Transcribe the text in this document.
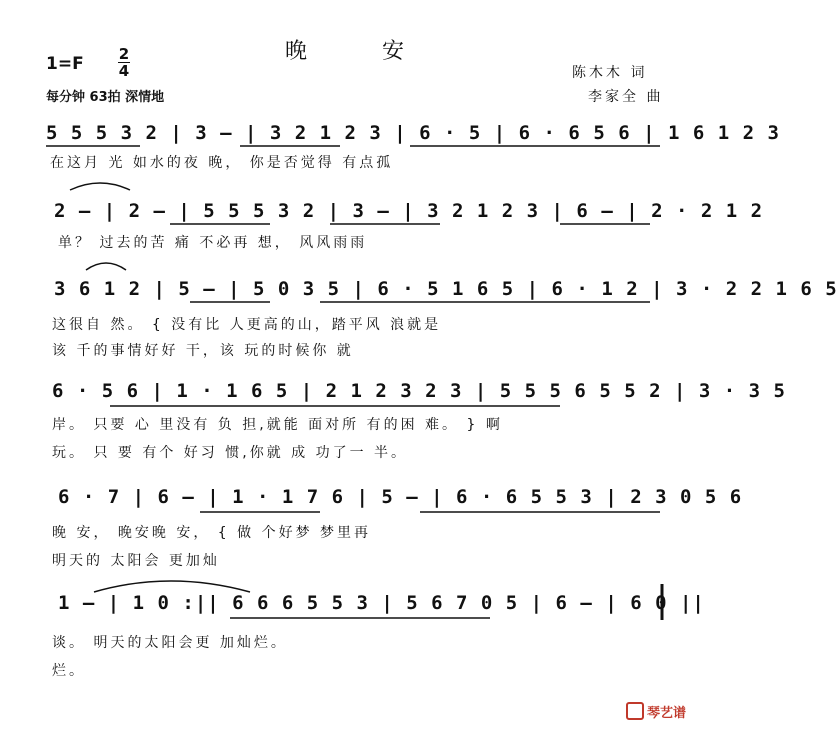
晚 安
1=F 2
4
每分钟 63拍 深情地
陈木木 词
李家全 曲
5 5 5 3 2 | 3 – | 3 2 1 2 3 | 6 · 5 | 6 · 6 5 6 | 1 6 1 2 3
在这月 光 如水的夜 晚， 你是否觉得 有点孤
2 – | 2 – | 5 5 5 3 2 | 3 – | 3 2 1 2 3 | 6 – | 2 · 2 1 2
单？ 过去的苦 痛 不必再 想， 风风雨雨
3 6 1 2 | 5 – | 5 0 3 5 | 6 · 5 1 6 5 | 6 · 1 2 | 3 · 2 2 1 6 5
这很自 然。 { 没有比 人更高的山，踏平风 浪就是
该 千的事情好好 干，该 玩的时候你 就
6 · 5 6 | 1 · 1 6 5 | 2 1 2 3 2 3 | 5 5 5 6 5 5 2 | 3 · 3 5
岸。 只要 心 里没有 负 担,就能 面对所 有的困 难。 } 啊
玩。 只 要 有个 好习 惯,你就 成 功了一 半。
6 · 7 | 6 – | 1 · 1 7 6 | 5 – | 6 · 6 5 5 3 | 2 3 0 5 6
晚 安， 晚安晚 安， { 做 个好梦 梦里再
明天的 太阳会 更加灿
1 – | 1 0 :|| 6 6 6 5 5 3 | 5 6 7 0 5 | 6 – | 6 0 ||
谈。 明天的太阳会更 加灿烂。
烂。
琴艺谱
